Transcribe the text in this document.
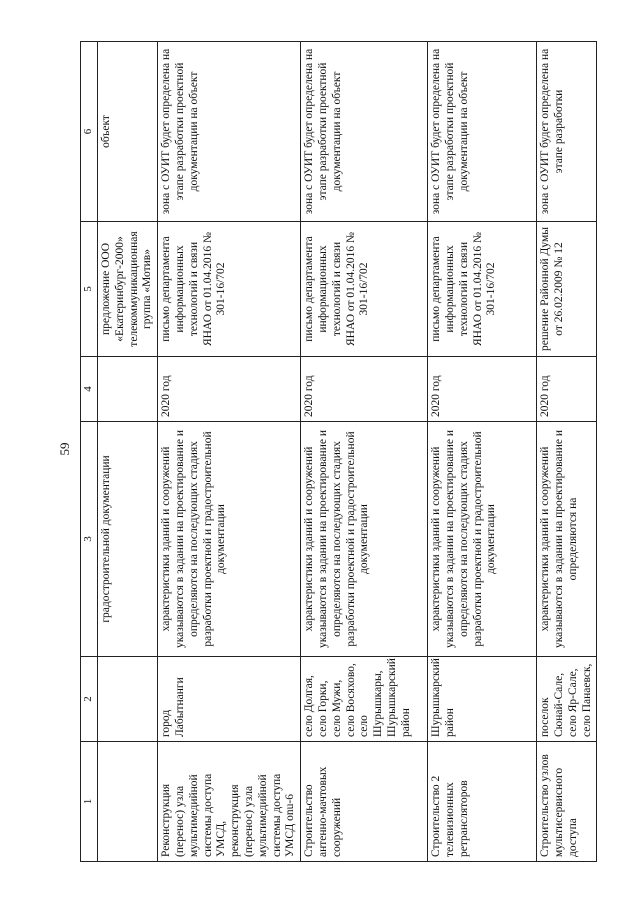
59
1	2	3	4	5	6
		градостроительной документации		предложение ООО «Екатеринбург-2000» телекоммуникационная группа «Мотив»	объект
Реконструкция (перенос) узла мультимедийной системы доступа УМСД, реконструкция (перенос) узла мультимедийной системы доступа УМСД onu-6	город Лабытнанги	характеристики зданий и сооружений указываются в задании на проектирование и определяются на последующих стадиях разработки проектной и градостроительной документации	2020 год	письмо департамента информационных технологий и связи ЯНАО от 01.04.2016 № 301-16/702	зона с ОУИТ будет определена на этапе разработки проектной документации на объект
Строительство антенно-мачтовых сооружений	село Долгая, село Горки, село Мужи, село Восяхово, село Шурышкары, Шурышкарский район	характеристики зданий и сооружений указываются в задании на проектирование и определяются на последующих стадиях разработки проектной и градостроительной документации	2020 год	письмо департамента информационных технологий и связи ЯНАО от 01.04.2016 № 301-16/702	зона с ОУИТ будет определена на этапе разработки проектной документации на объект
Строительство 2 телевизионных ретрансляторов	Шурышкарский район	характеристики зданий и сооружений указываются в задании на проектирование и определяются на последующих стадиях разработки проектной и градостроительной документации	2020 год	письмо департамента информационных технологий и связи ЯНАО от 01.04.2016 № 301-16/702	зона с ОУИТ будет определена на этапе разработки проектной документации на объект
Строительство узлов мультисервисного доступа	поселок Сюнай-Сале, село Яр-Сале, село Панаевск,	характеристики зданий и сооружений указываются в задании на проектирование и определяются на	2020 год	решение Районной Думы от 26.02.2009 № 12	зона с ОУИТ будет определена на этапе разработки
